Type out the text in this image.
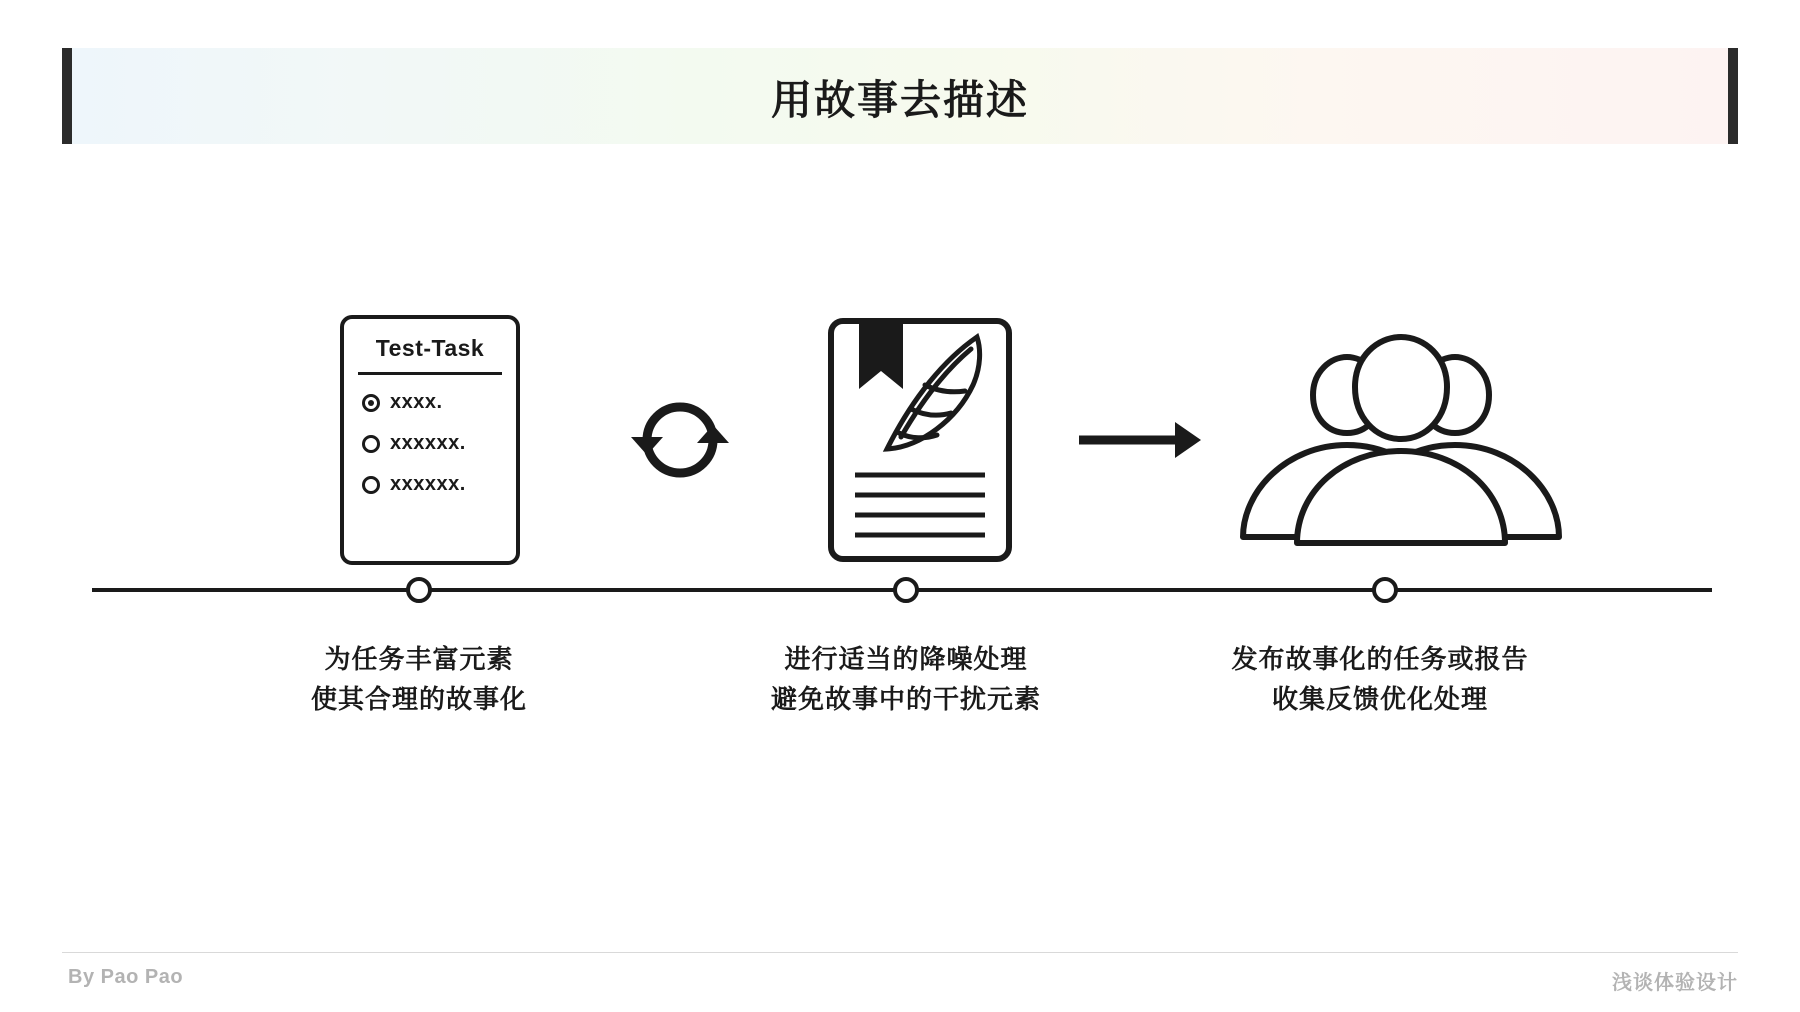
用故事去描述
Test-Task
xxxx.
xxxxxx.
xxxxxx.
为任务丰富元素
使其合理的故事化
进行适当的降噪处理
避免故事中的干扰元素
发布故事化的任务或报告
收集反馈优化处理
By Pao Pao	浅谈体验设计
